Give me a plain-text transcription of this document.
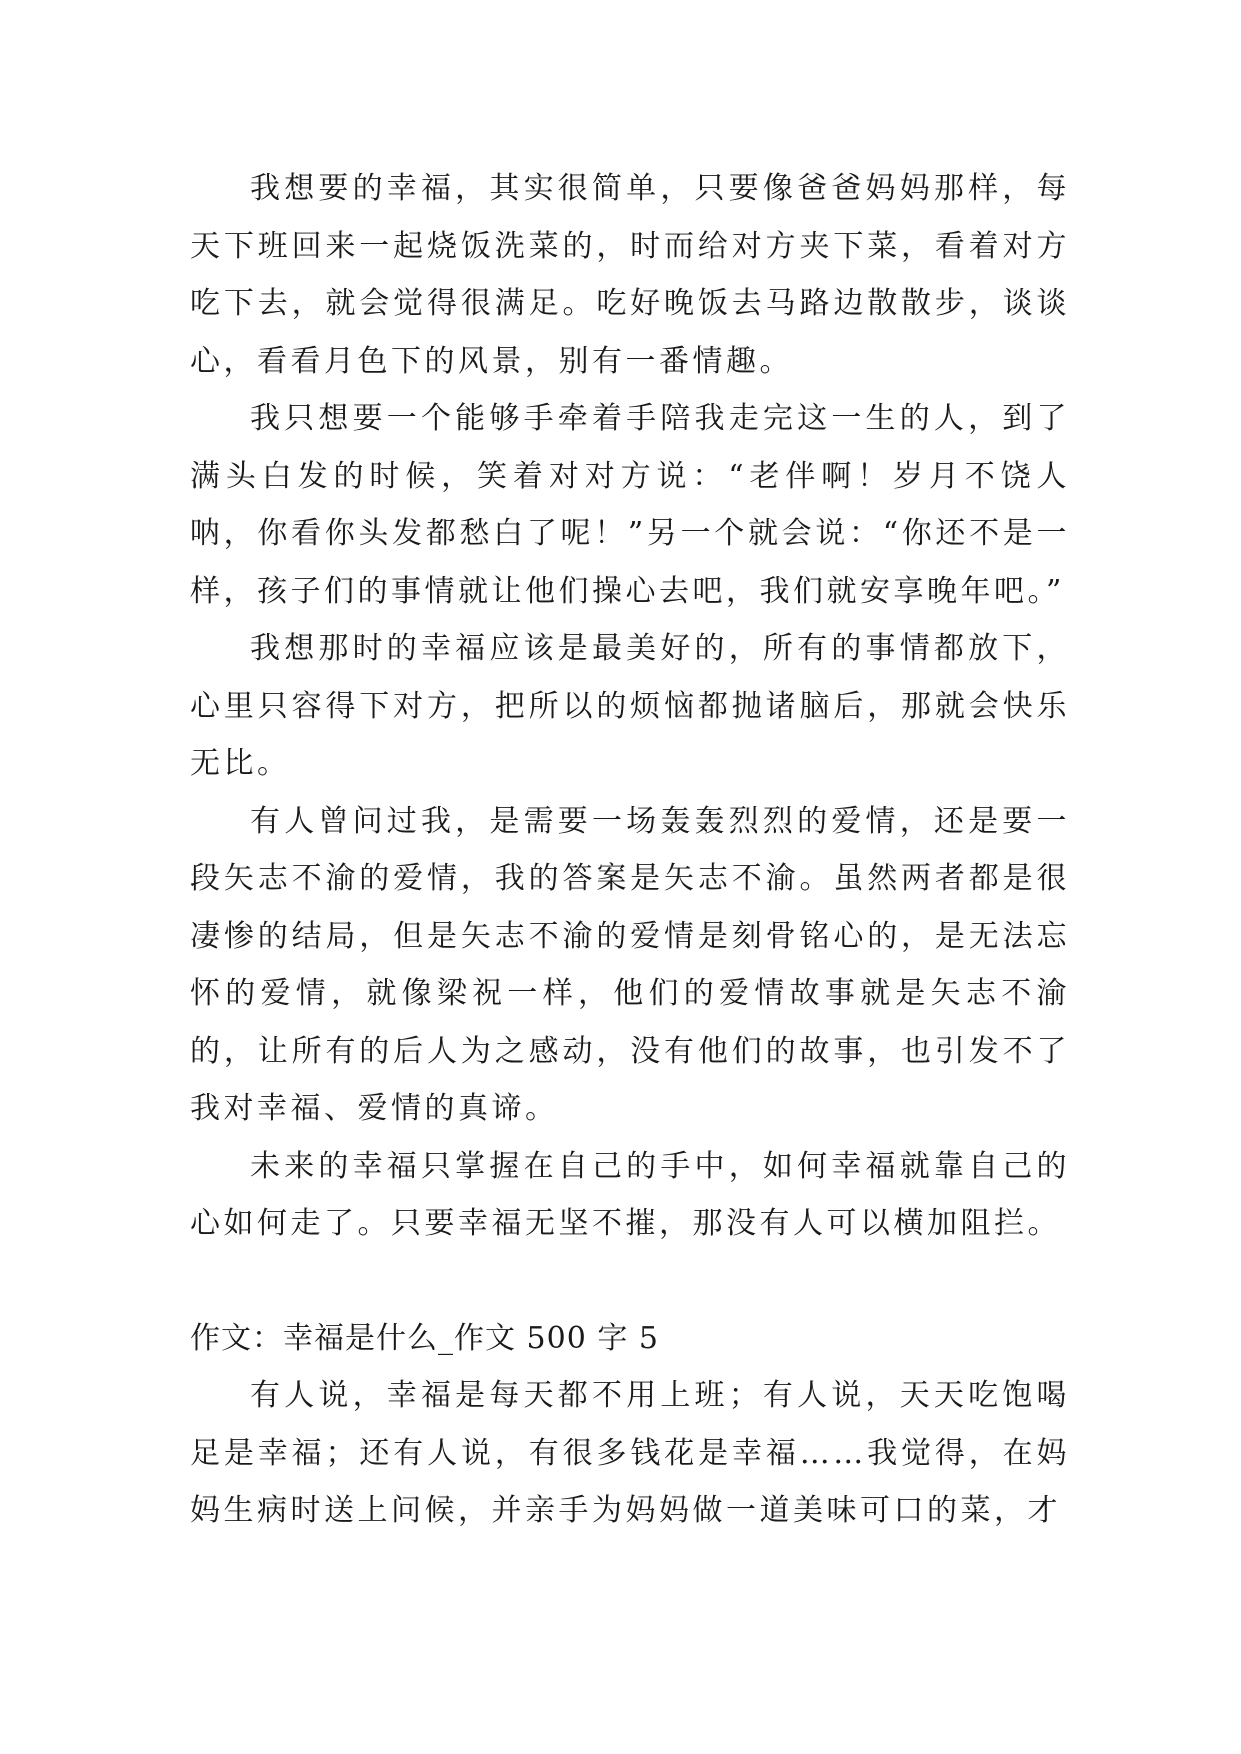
我想要的幸福，其实很简单，只要像爸爸妈妈那样，每天下班回来一起烧饭洗菜的，时而给对方夹下菜，看着对方吃下去，就会觉得很满足。吃好晚饭去马路边散散步，谈谈心，看看月色下的风景，别有一番情趣。

我只想要一个能够手牵着手陪我走完这一生的人，到了满头白发的时候，笑着对对方说：“老伴啊！岁月不饶人呐，你看你头发都愁白了呢！”另一个就会说：“你还不是一样，孩子们的事情就让他们操心去吧，我们就安享晚年吧。”

我想那时的幸福应该是最美好的，所有的事情都放下，心里只容得下对方，把所以的烦恼都抛诸脑后，那就会快乐无比。

有人曾问过我，是需要一场轰轰烈烈的爱情，还是要一段矢志不渝的爱情，我的答案是矢志不渝。虽然两者都是很凄惨的结局，但是矢志不渝的爱情是刻骨铭心的，是无法忘怀的爱情，就像梁祝一样，他们的爱情故事就是矢志不渝的，让所有的后人为之感动，没有他们的故事，也引发不了我对幸福、爱情的真谛。

未来的幸福只掌握在自己的手中，如何幸福就靠自己的心如何走了。只要幸福无坚不摧，那没有人可以横加阻拦。

作文：幸福是什么_作文 500 字 5

有人说，幸福是每天都不用上班；有人说，天天吃饱喝足是幸福；还有人说，有很多钱花是幸福……我觉得，在妈妈生病时送上问候，并亲手为妈妈做一道美味可口的菜，才
